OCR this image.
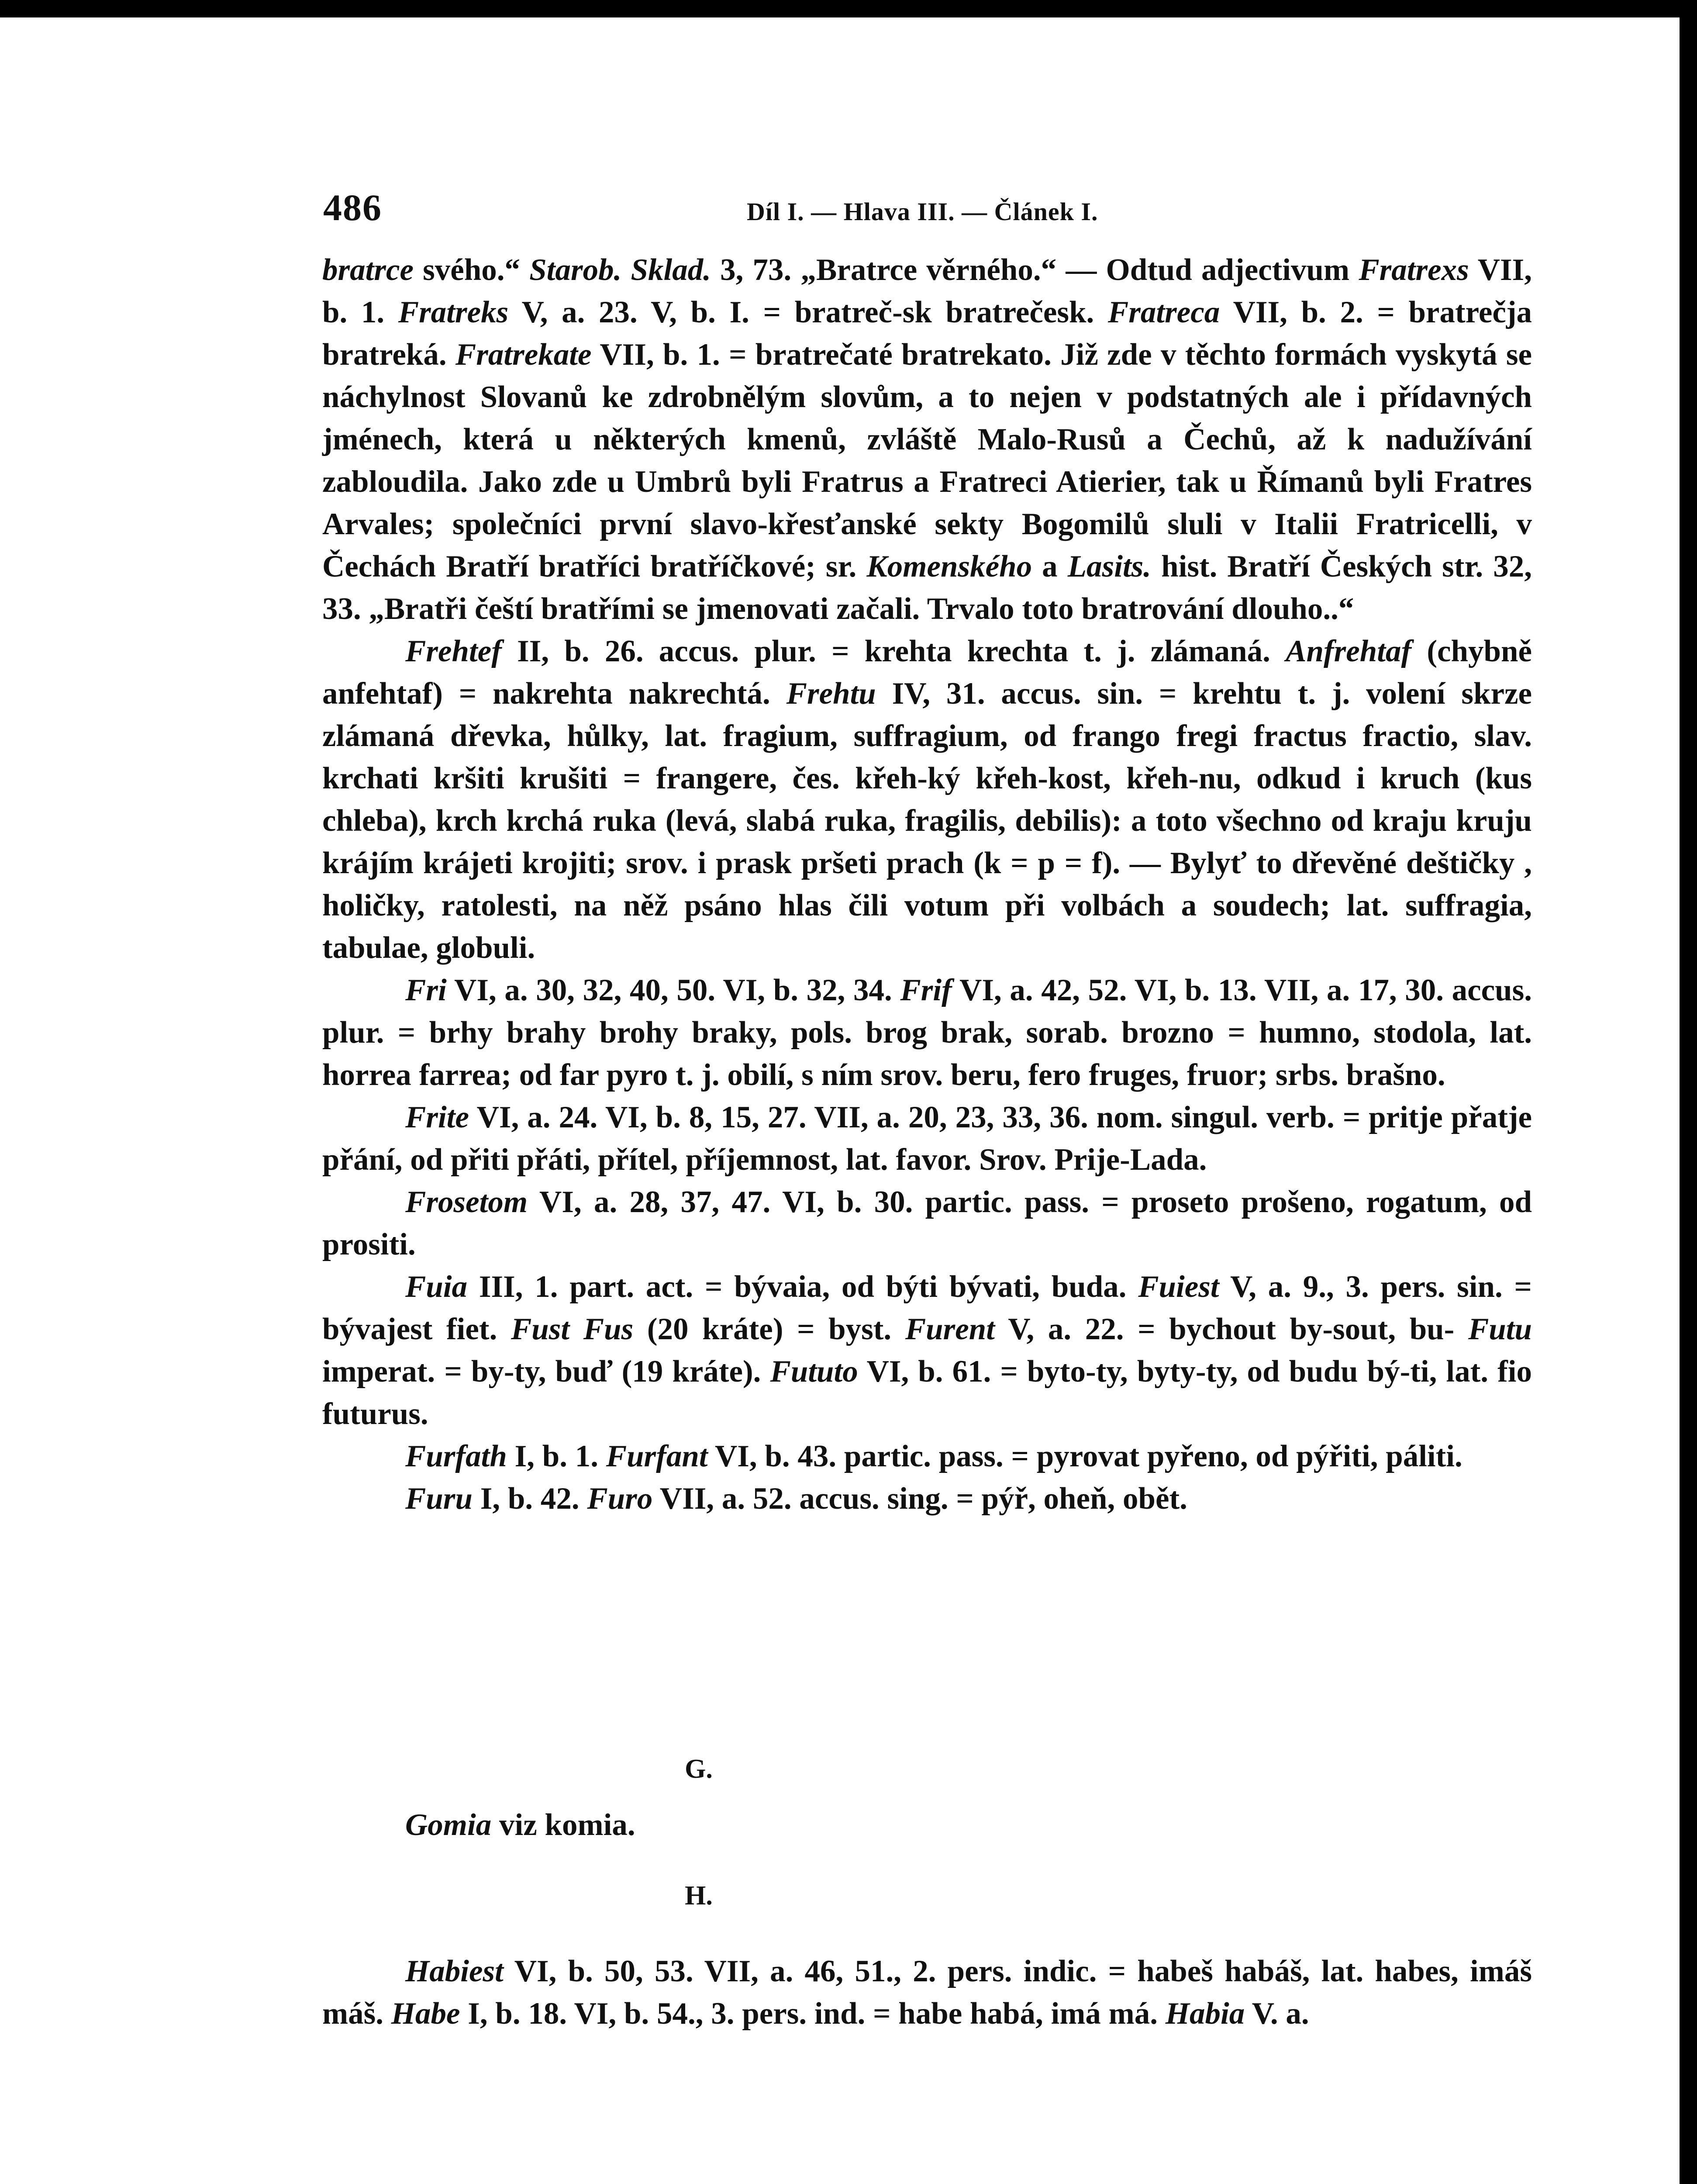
486	Díl I. — Hlava III. — Článek I.

bratrce svého.“ Starob. Sklad. 3, 73. „Bratrce věrného.“ — Odtud adjectivum Fratrexs VII, b. 1. Fratreks V, a. 23. V, b. I. = bratreč-sk bratrečesk. Fratreca VII, b. 2. = bratrečja bratreká. Fratrekate VII, b. 1. = bratrečaté bratrekato. Již zde v těchto formách vyskytá se náchylnost Slovanů ke zdrobnělým slovům, a to nejen v podstatných ale i přídavných jménech, která u některých kmenů, zvláště Malo-Rusů a Čechů, až k nadužívání zabloudila. Jako zde u Umbrů byli Fratrus a Fratreci Atierier, tak u Římanů byli Fratres Arvales; společníci první slavo-křesťanské sekty Bogomilů sluli v Italii Fratricelli, v Čechách Bratří bratříci bratříčkové; sr. Komenského a Lasits. hist. Bratří Českých str. 32, 33. „Bratři čeští bratřími se jmenovati začali. Trvalo toto bratrování dlouho..“

Frehtef II, b. 26. accus. plur. = krehta krechta t. j. zlámaná. Anfrehtaf (chybně anfehtaf) = nakrehta nakrechtá. Frehtu IV, 31. accus. sin. = krehtu t. j. volení skrze zlámaná dřevka, hůlky, lat. fragium, suffragium, od frango fregi fractus fractio, slav. krchati kršiti krušiti = frangere, čes. křeh-ký křeh-kost, křeh-nu, odkud i kruch (kus chleba), krch krchá ruka (levá, slabá ruka, fragilis, debilis): a toto všechno od kraju kruju krájím krájeti krojiti; srov. i prask pršeti prach (k = p = f). — Bylyť to dřevěné deštičky , holičky, ratolesti, na něž psáno hlas čili votum při volbách a soudech; lat. suffragia, tabulae, globuli.

Fri VI, a. 30, 32, 40, 50. VI, b. 32, 34. Frif VI, a. 42, 52. VI, b. 13. VII, a. 17, 30. accus. plur. = brhy brahy brohy braky, pols. brog brak, sorab. brozno = humno, stodola, lat. horrea farrea; od far pyro t. j. obilí, s ním srov. beru, fero fruges, fruor; srbs. brašno.

Frite VI, a. 24. VI, b. 8, 15, 27. VII, a. 20, 23, 33, 36. nom. singul. verb. = pritje přatje přání, od přiti přáti, přítel, příjemnost, lat. favor. Srov. Prije-Lada.

Frosetom VI, a. 28, 37, 47. VI, b. 30. partic. pass. = proseto prošeno, rogatum, od prositi.

Fuia III, 1. part. act. = bývaia, od býti bývati, buda. Fuiest V, a. 9., 3. pers. sin. = bývajest fiet. Fust Fus (20 kráte) = byst. Furent V, a. 22. = bychout by-sout, bu- Futu imperat. = by-ty, buď (19 kráte). Fututo VI, b. 61. = byto-ty, byty-ty, od budu bý-ti, lat. fio futurus.

Furfath I, b. 1. Furfant VI, b. 43. partic. pass. = pyrovat pyřeno, od pýřiti, páliti.

Furu I, b. 42. Furo VII, a. 52. accus. sing. = pýř, oheň, obět.

G.

Gomia viz komia.

H.

Habiest VI, b. 50, 53. VII, a. 46, 51., 2. pers. indic. = habeš habáš, lat. habes, imáš máš. Habe I, b. 18. VI, b. 54., 3. pers. ind. = habe habá, imá má. Habia V. a.
